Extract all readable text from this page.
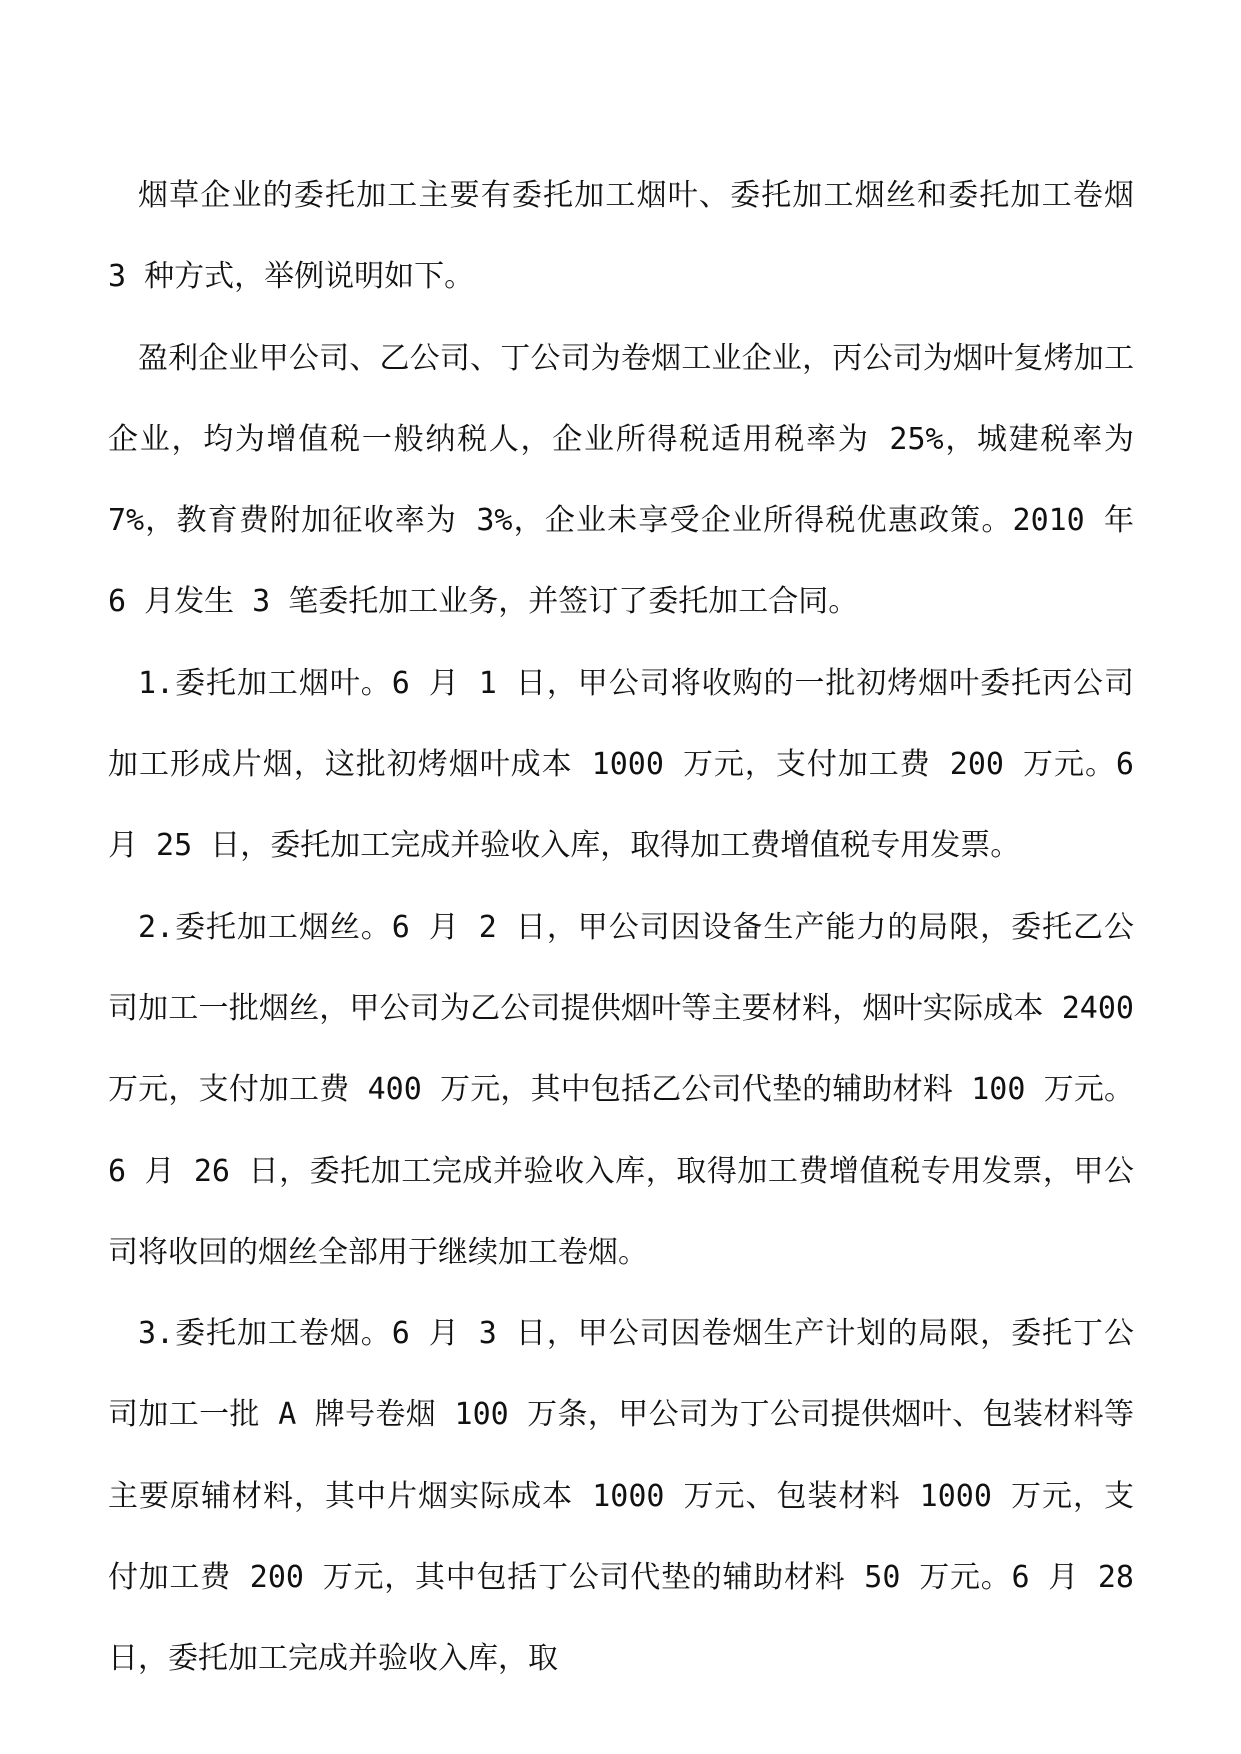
烟草企业的委托加工主要有委托加工烟叶、委托加工烟丝和委托加工卷烟 3 种方式，举例说明如下。

盈利企业甲公司、乙公司、丁公司为卷烟工业企业，丙公司为烟叶复烤加工企业，均为增值税一般纳税人，企业所得税适用税率为 25%，城建税率为 7%，教育费附加征收率为 3%，企业未享受企业所得税优惠政策。2010 年 6 月发生 3 笔委托加工业务，并签订了委托加工合同。

1.委托加工烟叶。6 月 1 日，甲公司将收购的一批初烤烟叶委托丙公司加工形成片烟，这批初烤烟叶成本 1000 万元，支付加工费 200 万元。6 月 25 日，委托加工完成并验收入库，取得加工费增值税专用发票。

2.委托加工烟丝。6 月 2 日，甲公司因设备生产能力的局限，委托乙公司加工一批烟丝，甲公司为乙公司提供烟叶等主要材料，烟叶实际成本 2400 万元，支付加工费 400 万元，其中包括乙公司代垫的辅助材料 100 万元。6 月 26 日，委托加工完成并验收入库，取得加工费增值税专用发票，甲公司将收回的烟丝全部用于继续加工卷烟。

3.委托加工卷烟。6 月 3 日，甲公司因卷烟生产计划的局限，委托丁公司加工一批 A 牌号卷烟 100 万条，甲公司为丁公司提供烟叶、包装材料等主要原辅材料，其中片烟实际成本 1000 万元、包装材料 1000 万元，支付加工费 200 万元，其中包括丁公司代垫的辅助材料 50 万元。6 月 28 日，委托加工完成并验收入库，取
